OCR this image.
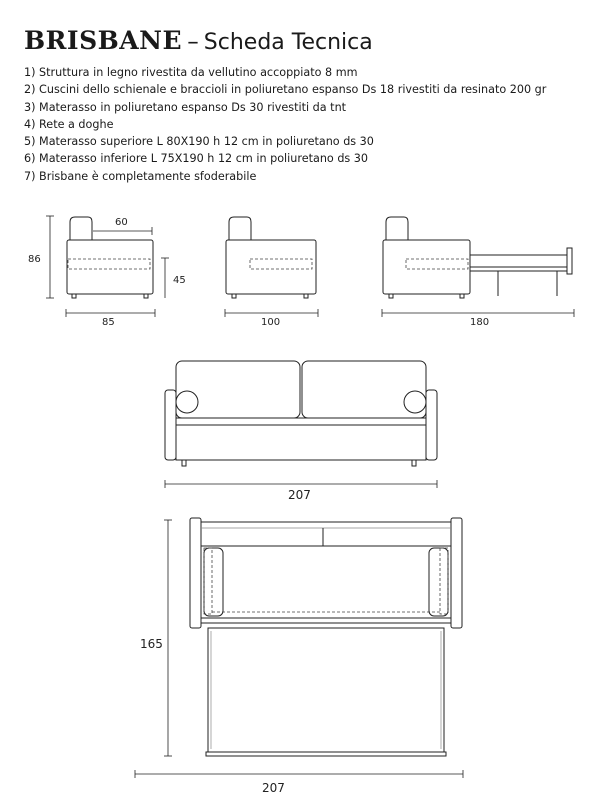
BRISBANE – Scheda Tecnica
1) Struttura in legno rivestita da vellutino accoppiato 8 mm
2) Cuscini dello schienale e braccioli in poliuretano espanso Ds 18 rivestiti da resinato 200 gr
3) Materasso in poliuretano espanso Ds 30 rivestiti da tnt
4) Rete a doghe
5) Materasso superiore L 80X190 h 12 cm in poliuretano ds 30
6) Materasso inferiore L 75X190 h 12 cm in poliuretano ds 30
7) Brisbane è completamente sfoderabile
86
60
45
85	100	180
207
165
207
